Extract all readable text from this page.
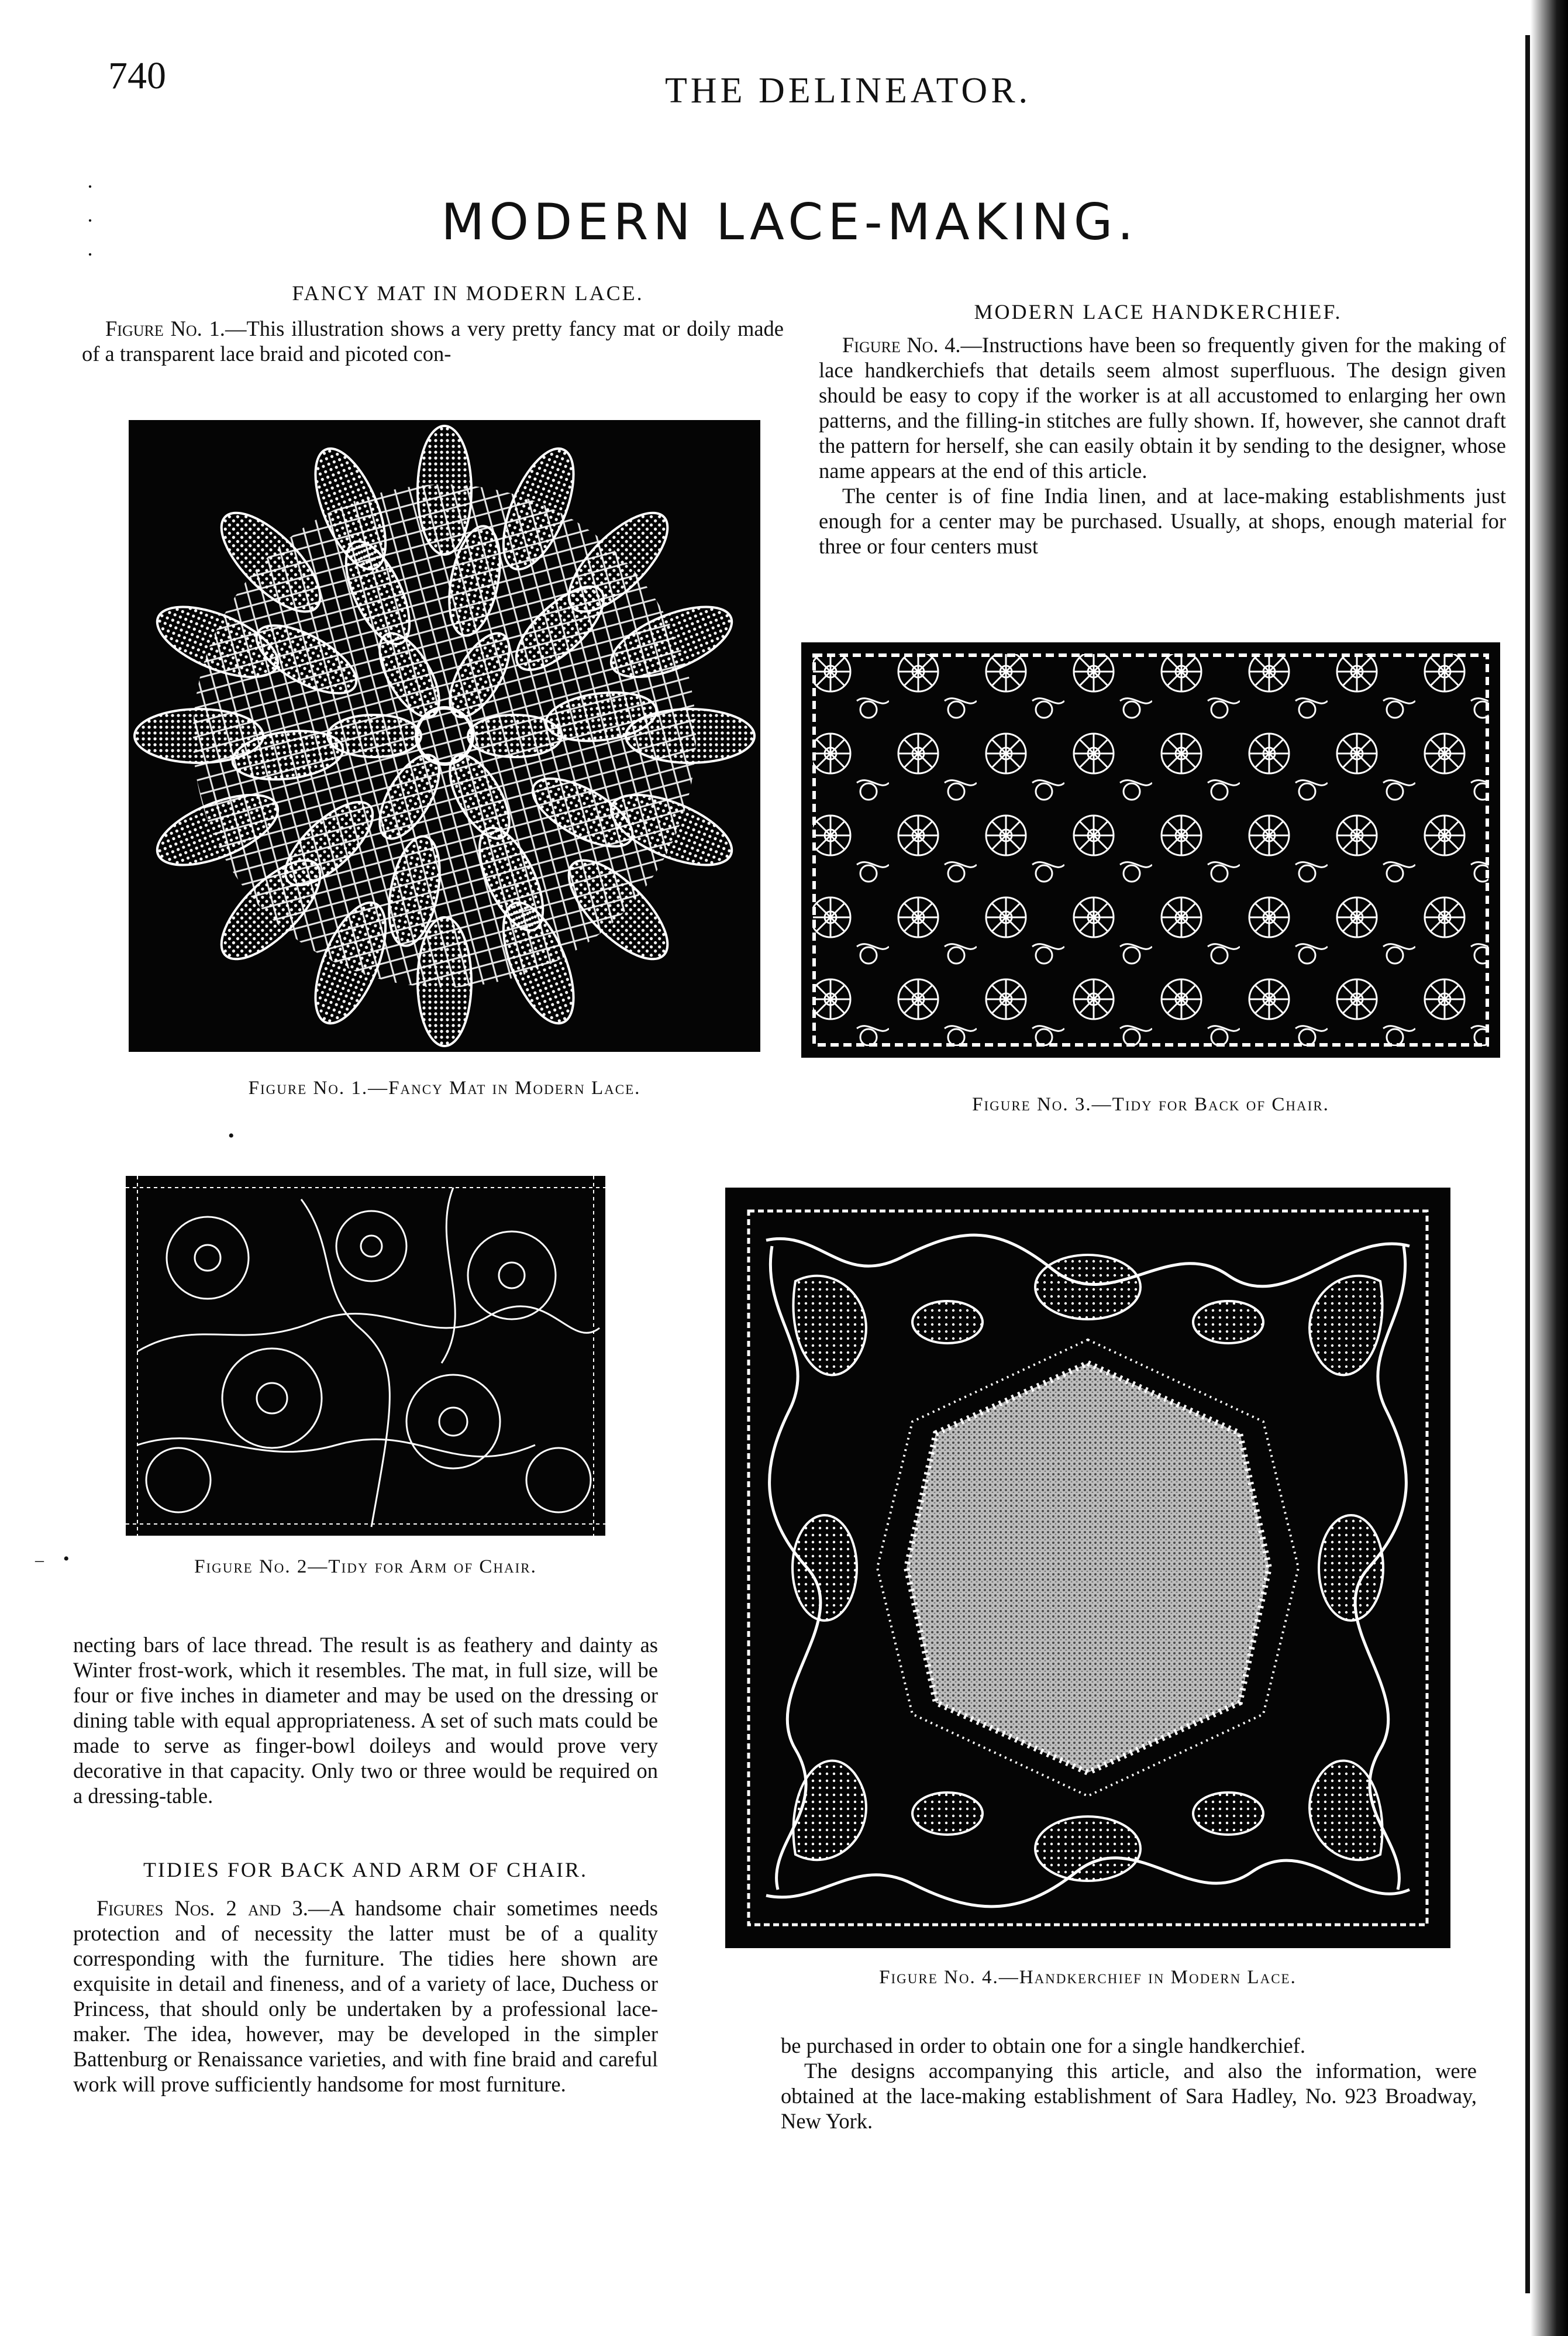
740	THE DELINEATOR.
·
·
·
MODERN LACE-MAKING.
FANCY MAT IN MODERN LACE.

Figure No. 1.—This illustration shows a very pretty fancy mat or doily made of a transparent lace braid and picoted con-

Figure No. 1.—Fancy Mat in Modern Lace.
Figure No. 2—Tidy for Arm of Chair.
necting bars of lace thread. The result is as feathery and dainty as Winter frost-work, which it resembles. The mat, in full size, will be four or five inches in diameter and may be used on the dressing or dining table with equal appropriateness. A set of such mats could be made to serve as finger-bowl doileys and would prove very decorative in that capacity. Only two or three would be required on a dressing-table.
TIDIES FOR BACK AND ARM OF CHAIR.

Figures Nos. 2 and 3.—A handsome chair sometimes needs protection and of necessity the latter must be of a quality corresponding with the furniture. The tidies here shown are exquisite in detail and fineness, and of a variety of lace, Duchess or Princess, that should only be undertaken by a professional lace-maker. The idea, however, may be developed in the simpler Battenburg or Renaissance varieties, and with fine braid and careful work will prove sufficiently handsome for most furniture.

MODERN LACE HANDKERCHIEF.

Figure No. 4.—Instructions have been so frequently given for the making of lace handkerchiefs that details seem almost superfluous. The design given should be easy to copy if the worker is at all accustomed to enlarging her own patterns, and the filling-in stitches are fully shown. If, however, she cannot draft the pattern for herself, she can easily obtain it by sending to the designer, whose name appears at the end of this article.

The center is of fine India linen, and at lace-making establishments just enough for a center may be purchased. Usually, at shops, enough material for three or four centers must

Figure No. 3.—Tidy for Back of Chair.
Figure No. 4.—Handkerchief in Modern Lace.

be purchased in order to obtain one for a single handkerchief.

The designs accompanying this article, and also the information, were obtained at the lace-making establishment of Sara Hadley, No. 923 Broadway, New York.

– •
•
